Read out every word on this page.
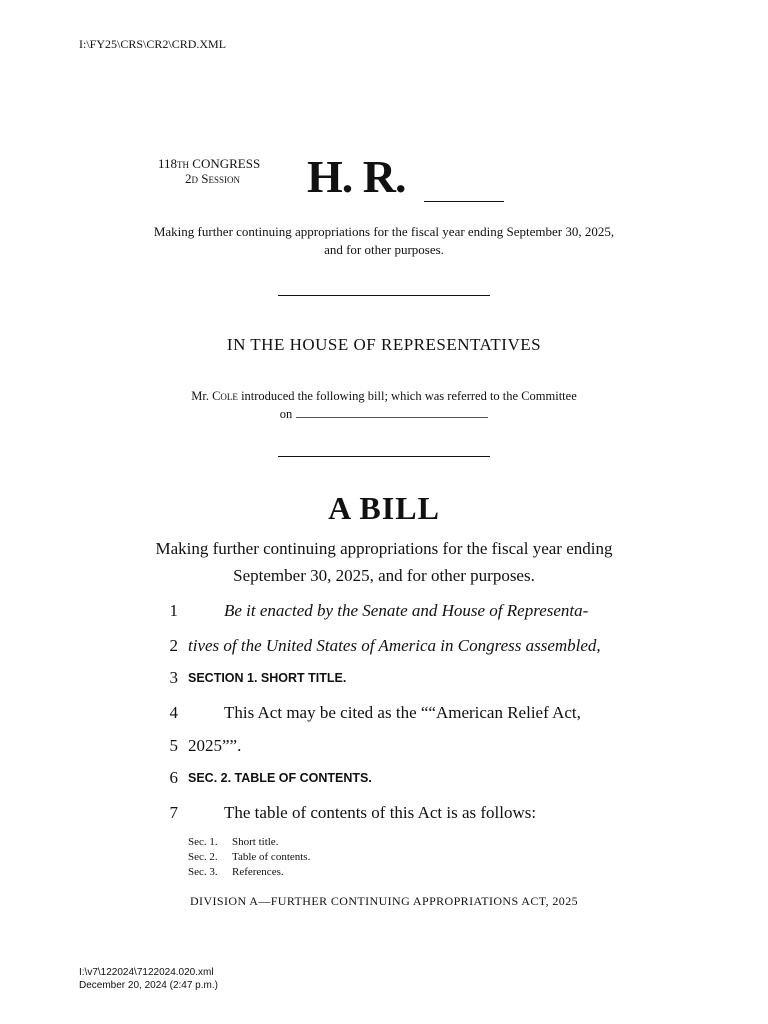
I:\FY25\CRS\CR2\CRD.XML
118th CONGRESS
2d Session	H. R.
Making further continuing appropriations for the fiscal year ending September 30, 2025, and for other purposes.
IN THE HOUSE OF REPRESENTATIVES
Mr. Cole introduced the following bill; which was referred to the Committee
on
A BILL
Making further continuing appropriations for the fiscal year ending September 30, 2025, and for other purposes.
1	Be it enacted by the Senate and House of Representa-
2 tives of the United States of America in Congress assembled,
3 SECTION 1. SHORT TITLE.
4	This Act may be cited as the ““American Relief Act,
5 2025””.
6 SEC. 2. TABLE OF CONTENTS.
7	The table of contents of this Act is as follows:
Sec. 1. Short title.
Sec. 2. Table of contents.
Sec. 3. References.
DIVISION A—FURTHER CONTINUING APPROPRIATIONS ACT, 2025
I:\v7\122024\7122024.020.xml
December 20, 2024 (2:47 p.m.)
